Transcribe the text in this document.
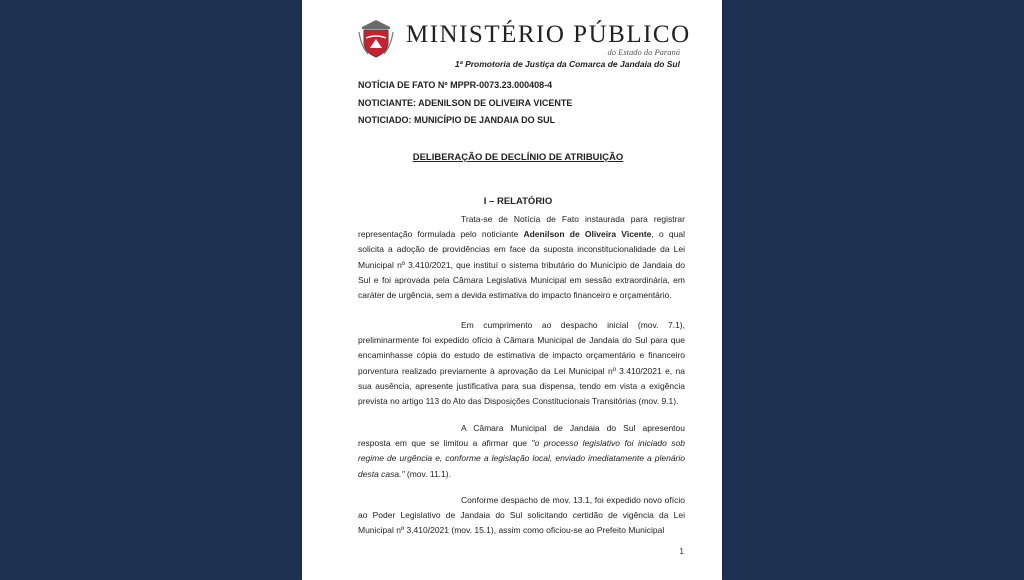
MINISTÉRIO PÚBLICO
do Estado do Paraná
1ª Promotoria de Justiça da Comarca de Jandaia do Sul
NOTÍCIA DE FATO Nº MPPR-0073.23.000408-4
NOTICIANTE: ADENILSON DE OLIVEIRA VICENTE
NOTICIADO: MUNICÍPIO DE JANDAIA DO SUL
DELIBERAÇÃO DE DECLÍNIO DE ATRIBUIÇÃO
I – RELATÓRIO
Trata-se de Notícia de Fato instaurada para registrar representação formulada pelo noticiante Adenilson de Oliveira Vicente, o qual solicita a adoção de providências em face da suposta inconstitucionalidade da Lei Municipal nº 3.410/2021, que instituí o sistema tributário do Município de Jandaia do Sul e foi aprovada pela Câmara Legislativa Municipal em sessão extraordinária, em caráter de urgência, sem a devida estimativa do impacto financeiro e orçamentário.
Em cumprimento ao despacho inicial (mov. 7.1), preliminarmente foi expedido ofício à Câmara Municipal de Jandaia do Sul para que encaminhasse cópia do estudo de estimativa de impacto orçamentário e financeiro porventura realizado previamente à aprovação da Lei Municipal nº 3.410/2021 e, na sua ausência, apresente justificativa para sua dispensa, tendo em vista a exigência prevista no artigo 113 do Ato das Disposições Constitucionais Transitórias (mov. 9.1).
A Câmara Municipal de Jandaia do Sul apresentou resposta em que se limitou a afirmar que "o processo legislativo foi iniciado sob regime de urgência e, conforme a legislação local, enviado imediatamente a plenário desta casa." (mov. 11.1).
Conforme despacho de mov. 13.1, foi expedido novo ofício ao Poder Legislativo de Jandaia do Sul solicitando certidão de vigência da Lei Municipal nº 3.410/2021 (mov. 15.1), assim como oficiou-se ao Prefeito Municipal
1
